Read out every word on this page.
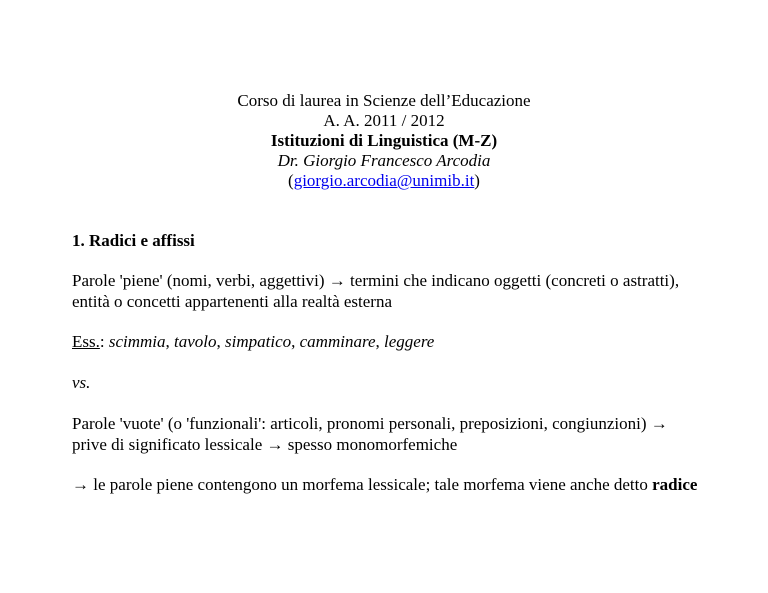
Corso di laurea in Scienze dell’Educazione
A. A. 2011 / 2012
Istituzioni di Linguistica (M-Z)
Dr. Giorgio Francesco Arcodia
(giorgio.arcodia@unimib.it)
1. Radici e affissi
Parole 'piene' (nomi, verbi, aggettivi) → termini che indicano oggetti (concreti o astratti),
entità o concetti appartenenti alla realtà esterna
Ess.: scimmia, tavolo, simpatico, camminare, leggere
vs.
Parole 'vuote' (o 'funzionali': articoli, pronomi personali, preposizioni, congiunzioni) →
prive di significato lessicale → spesso monomorfemiche
→ le parole piene contengono un morfema lessicale; tale morfema viene anche detto radice
